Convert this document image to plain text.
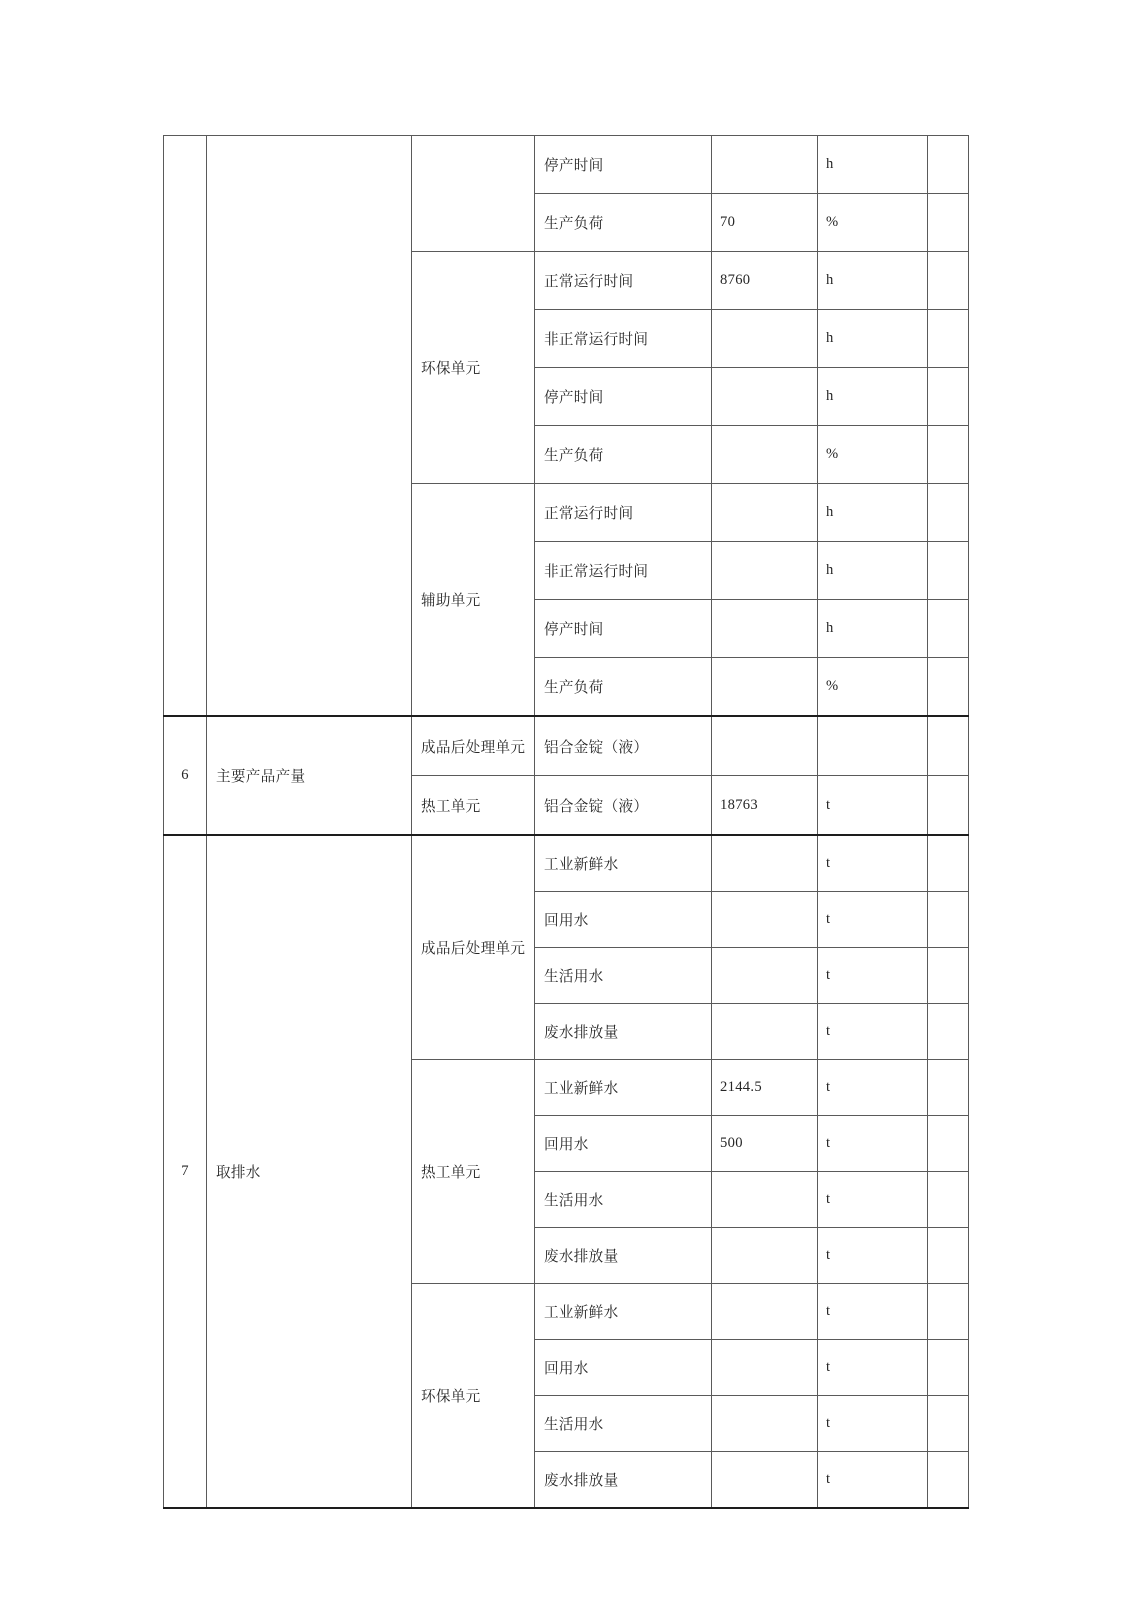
			停产时间		h	
			生产负荷	70	%	
		环保单元	正常运行时间	8760	h	
			非正常运行时间		h	
			停产时间		h	
			生产负荷		%	
		辅助单元	正常运行时间		h	
			非正常运行时间		h	
			停产时间		h	
			生产负荷		%	
6	主要产品产量	成品后处理单元	铝合金锭（液）			
		热工单元	铝合金锭（液）	18763	t	
7	取排水	成品后处理单元	工业新鲜水		t	
			回用水		t	
			生活用水		t	
			废水排放量		t	
		热工单元	工业新鲜水	2144.5	t	
			回用水	500	t	
			生活用水		t	
			废水排放量		t	
		环保单元	工业新鲜水		t	
			回用水		t	
			生活用水		t	
			废水排放量		t	
